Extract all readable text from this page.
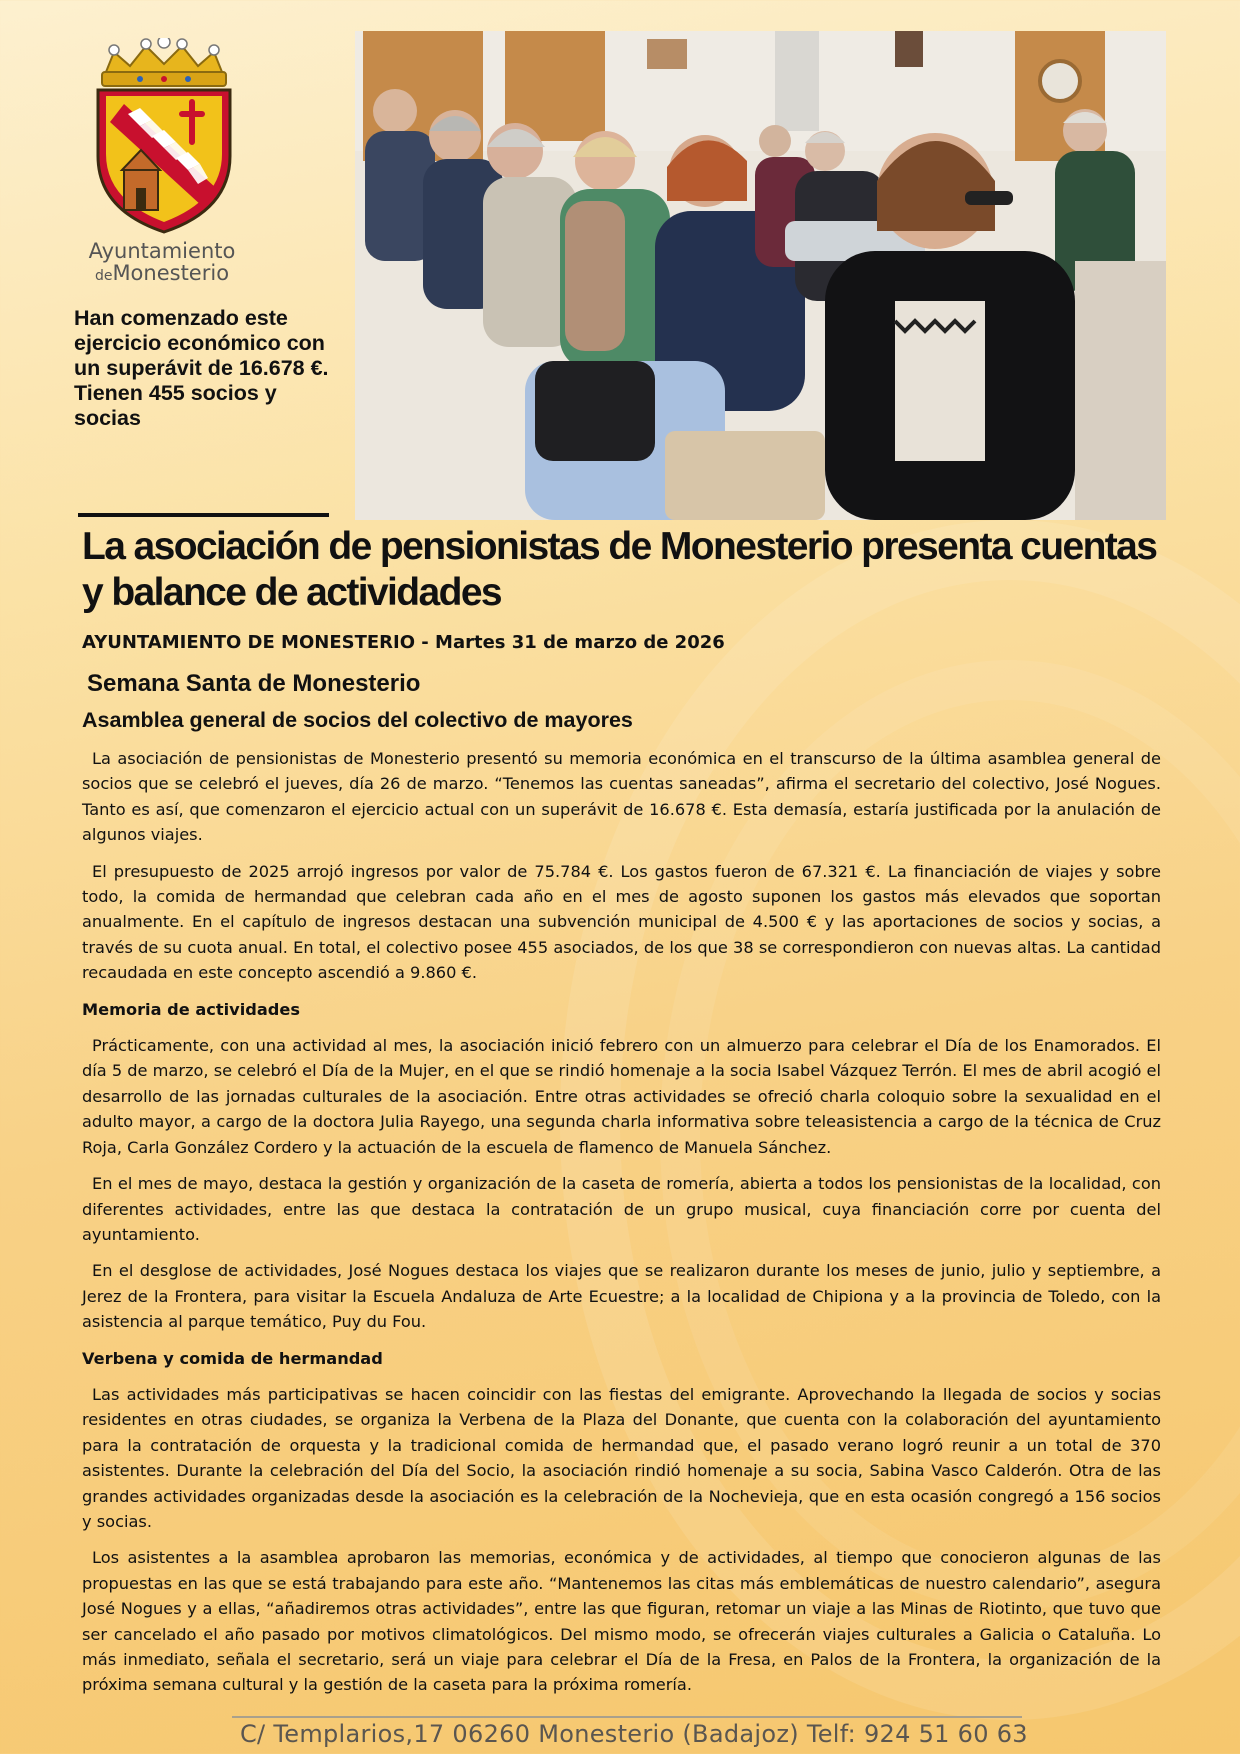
Ayuntamiento
deMonesterio
Han comenzado este ejercicio económico con un superávit de 16.678 €. Tienen 455 socios y socias
La asociación de pensionistas de Monesterio presenta cuentas y balance de actividades

AYUNTAMIENTO DE MONESTERIO - Martes 31 de marzo de 2026

Semana Santa de Monesterio
Asamblea general de socios del colectivo de mayores

La asociación de pensionistas de Monesterio presentó su memoria económica en el transcurso de la última asamblea general de socios que se celebró el jueves, día 26 de marzo. “Tenemos las cuentas saneadas”, afirma el secretario del colectivo, José Nogues. Tanto es así, que comenzaron el ejercicio actual con un superávit de 16.678 €. Esta demasía, estaría justificada por la anulación de algunos viajes.

El presupuesto de 2025 arrojó ingresos por valor de 75.784 €. Los gastos fueron de 67.321 €. La financiación de viajes y sobre todo, la comida de hermandad que celebran cada año en el mes de agosto suponen los gastos más elevados que soportan anualmente. En el capítulo de ingresos destacan una subvención municipal de 4.500 € y las aportaciones de socios y socias, a través de su cuota anual. En total, el colectivo posee 455 asociados, de los que 38 se correspondieron con nuevas altas. La cantidad recaudada en este concepto ascendió a 9.860 €.

Memoria de actividades

Prácticamente, con una actividad al mes, la asociación inició febrero con un almuerzo para celebrar el Día de los Enamorados. El día 5 de marzo, se celebró el Día de la Mujer, en el que se rindió homenaje a la socia Isabel Vázquez Terrón. El mes de abril acogió el desarrollo de las jornadas culturales de la asociación. Entre otras actividades se ofreció charla coloquio sobre la sexualidad en el adulto mayor, a cargo de la doctora Julia Rayego, una segunda charla informativa sobre teleasistencia a cargo de la técnica de Cruz Roja, Carla González Cordero y la actuación de la escuela de flamenco de Manuela Sánchez.

En el mes de mayo, destaca la gestión y organización de la caseta de romería, abierta a todos los pensionistas de la localidad, con diferentes actividades, entre las que destaca la contratación de un grupo musical, cuya financiación corre por cuenta del ayuntamiento.

En el desglose de actividades, José Nogues destaca los viajes que se realizaron durante los meses de junio, julio y septiembre, a Jerez de la Frontera, para visitar la Escuela Andaluza de Arte Ecuestre; a la localidad de Chipiona y a la provincia de Toledo, con la asistencia al parque temático, Puy du Fou.

Verbena y comida de hermandad

Las actividades más participativas se hacen coincidir con las fiestas del emigrante. Aprovechando la llegada de socios y socias residentes en otras ciudades, se organiza la Verbena de la Plaza del Donante, que cuenta con la colaboración del ayuntamiento para la contratación de orquesta y la tradicional comida de hermandad que, el pasado verano logró reunir a un total de 370 asistentes. Durante la celebración del Día del Socio, la asociación rindió homenaje a su socia, Sabina Vasco Calderón. Otra de las grandes actividades organizadas desde la asociación es la celebración de la Nochevieja, que en esta ocasión congregó a 156 socios y socias.

Los asistentes a la asamblea aprobaron las memorias, económica y de actividades, al tiempo que conocieron algunas de las propuestas en las que se está trabajando para este año. “Mantenemos las citas más emblemáticas de nuestro calendario”, asegura José Nogues y a ellas, “añadiremos otras actividades”, entre las que figuran, retomar un viaje a las Minas de Riotinto, que tuvo que ser cancelado el año pasado por motivos climatológicos. Del mismo modo, se ofrecerán viajes culturales a Galicia o Cataluña. Lo más inmediato, señala el secretario, será un viaje para celebrar el Día de la Fresa, en Palos de la Frontera, la organización de la próxima semana cultural y la gestión de la caseta para la próxima romería.

C/ Templarios,17 06260 Monesterio (Badajoz) Telf: 924 51 60 63
